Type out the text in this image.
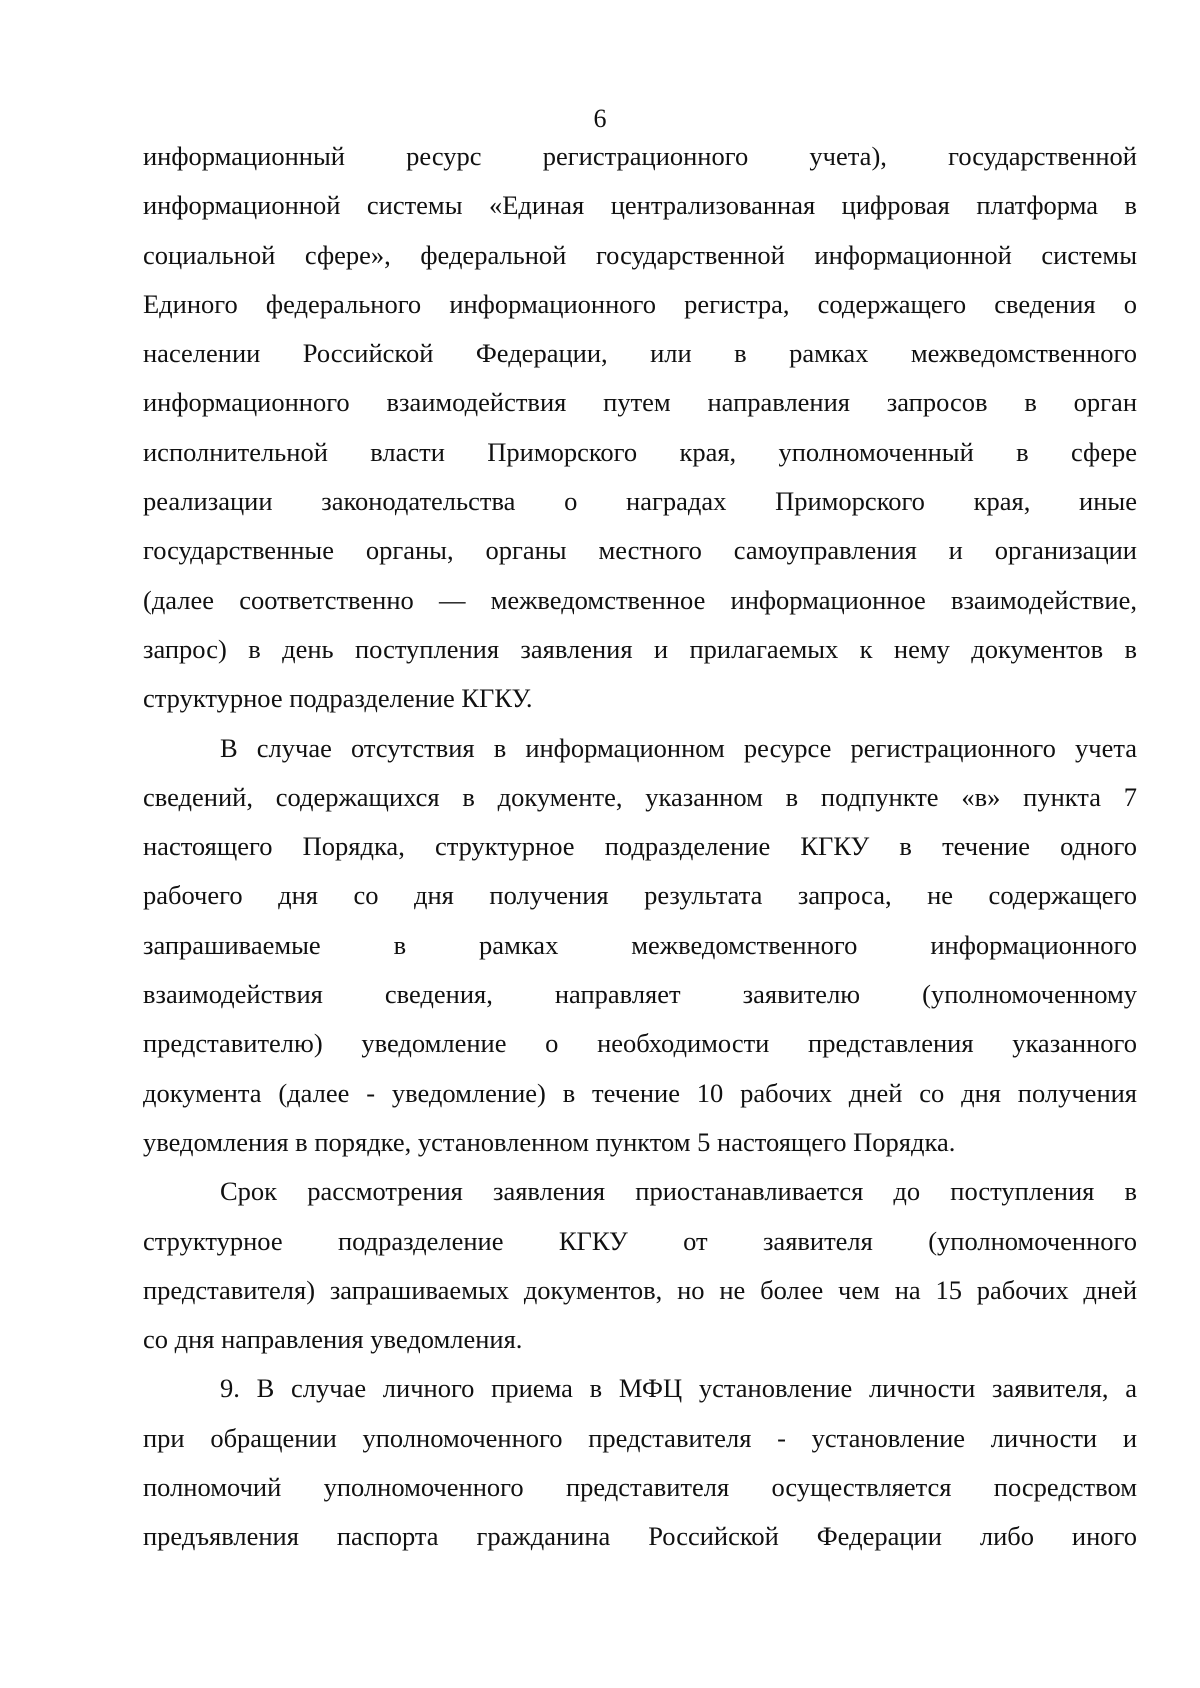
6
информационный ресурс регистрационного учета), государственной
информационной системы «Единая централизованная цифровая платформа в
социальной сфере», федеральной государственной информационной системы
Единого федерального информационного регистра, содержащего сведения о
населении Российской Федерации, или в рамках межведомственного
информационного взаимодействия путем направления запросов в орган
исполнительной власти Приморского края, уполномоченный в сфере
реализации законодательства о наградах Приморского края, иные
государственные органы, органы местного самоуправления и организации
(далее соответственно — межведомственное информационное взаимодействие,
запрос) в день поступления заявления и прилагаемых к нему документов в
структурное подразделение КГКУ.
В случае отсутствия в информационном ресурсе регистрационного учета
сведений, содержащихся в документе, указанном в подпункте «в» пункта 7
настоящего Порядка, структурное подразделение КГКУ в течение одного
рабочего дня со дня получения результата запроса, не содержащего
запрашиваемые в рамках межведомственного информационного
взаимодействия сведения, направляет заявителю (уполномоченному
представителю) уведомление о необходимости представления указанного
документа (далее - уведомление) в течение 10 рабочих дней со дня получения
уведомления в порядке, установленном пунктом 5 настоящего Порядка.
Срок рассмотрения заявления приостанавливается до поступления в
структурное подразделение КГКУ от заявителя (уполномоченного
представителя) запрашиваемых документов, но не более чем на 15 рабочих дней
со дня направления уведомления.
9. В случае личного приема в МФЦ установление личности заявителя, а
при обращении уполномоченного представителя - установление личности и
полномочий уполномоченного представителя осуществляется посредством
предъявления паспорта гражданина Российской Федерации либо иного
